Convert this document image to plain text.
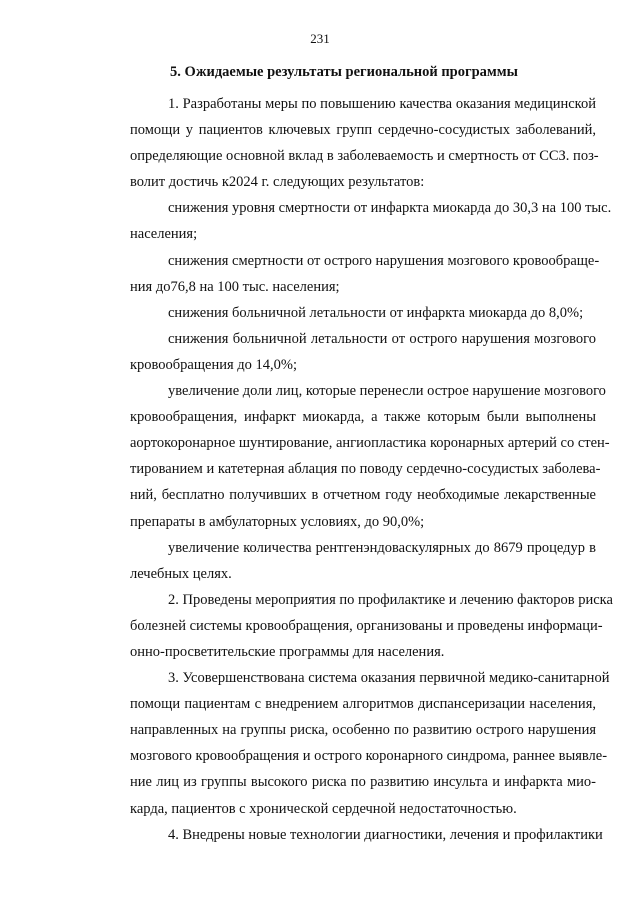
231
5. Ожидаемые результаты региональной программы

1. Разработаны меры по повышению качества оказания медицинской
помощи у пациентов ключевых групп сердечно-сосудистых заболеваний,
определяющие основной вклад в заболеваемость и смертность от ССЗ. поз-
волит достичь к2024 г. следующих результатов:

снижения уровня смертности от инфаркта миокарда до 30,3 на 100 тыс.
населения;

снижения смертности от острого нарушения мозгового кровообраще-
ния до76,8 на 100 тыс. населения;

снижения больничной летальности от инфаркта миокарда до 8,0%;

снижения больничной летальности от острого нарушения мозгового
кровообращения до 14,0%;

увеличение доли лиц, которые перенесли острое нарушение мозгового
кровообращения, инфаркт миокарда, а также которым были выполнены
аортокоронарное шунтирование, ангиопластика коронарных артерий со стен-
тированием и катетерная аблация по поводу сердечно-сосудистых заболева-
ний, бесплатно получивших в отчетном году необходимые лекарственные
препараты в амбулаторных условиях, до 90,0%;

увеличение количества рентгенэндоваскулярных до 8679 процедур в
лечебных целях.

2. Проведены мероприятия по профилактике и лечению факторов риска
болезней системы кровообращения, организованы и проведены информаци-
онно-просветительские программы для населения.

3. Усовершенствована система оказания первичной медико-санитарной
помощи пациентам с внедрением алгоритмов диспансеризации населения,
направленных на группы риска, особенно по развитию острого нарушения
мозгового кровообращения и острого коронарного синдрома, раннее выявле-
ние лиц из группы высокого риска по развитию инсульта и инфаркта мио-
карда, пациентов с хронической сердечной недостаточностью.

4. Внедрены новые технологии диагностики, лечения и профилактики
